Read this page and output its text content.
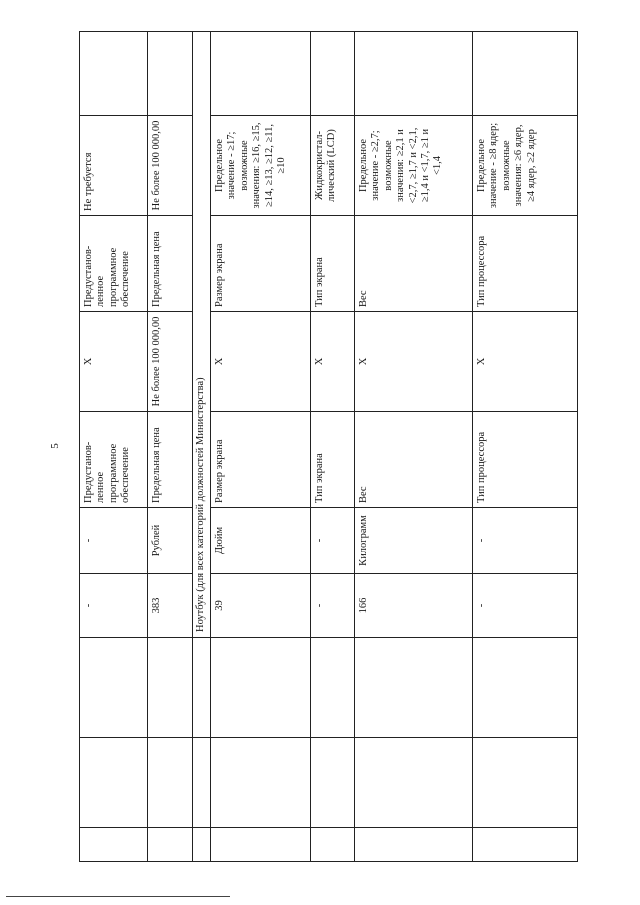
5
			-	-	Предустанов-ленное программное обеспечение	X	Предустанов-ленное программное обеспечение	Не требуется	
			383	Рублей	Предельная цена	Не более 100 000,00	Предельная цена	Не более 100 000,00	
			Ноутбук (для всех категорий должностей Министерства)						
			39	Дюйм	Размер экрана	X	Размер экрана	Предельное значение - ≥17; возможные значения: ≥16, ≥15, ≥14, ≥13, ≥12, ≥11, ≥10	
			-	-	Тип экрана	X	Тип экрана	Жидкокристал-лический (LCD)	
			166	Килограмм	Вес	X	Вес	Предельное значение - ≥2,7; возможные значения: ≥2,1 и <2,7, ≥1,7 и <2,1, ≥1,4 и <1,7, ≥1 и <1,4	
			-	-	Тип процессора	X	Тип процессора	Предельное значение - ≥8 ядер; возможные значения: ≥6 ядер, ≥4 ядер, ≥2 ядер	
